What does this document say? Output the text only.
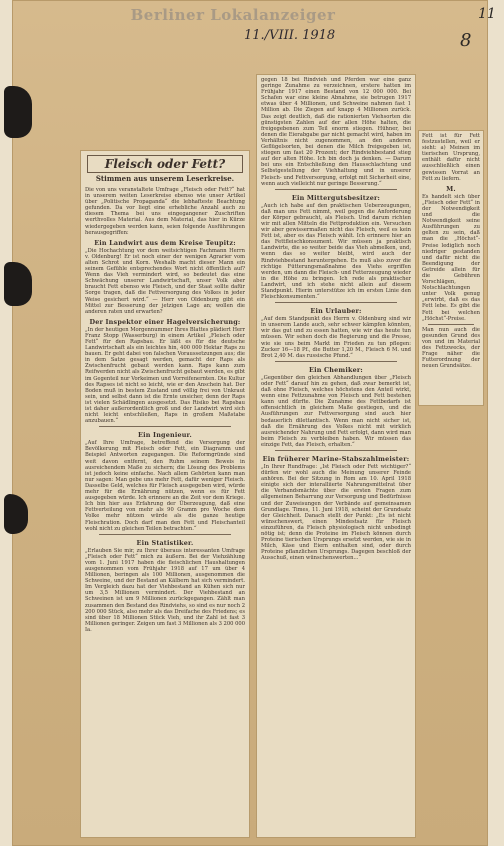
Berliner Lokalanzeiger
11./VIII. 1918
11
8
Fleisch oder Fett?
Stimmen aus unserem Leserkreise.

Die von uns veranstaltete Umfrage „Fleisch oder Fett?“ hat in unserem weiten Leserkreise ebenso wie unser Artikel über „Politische Propaganda“ die lebhafteste Beachtung gefunden. Da vor liegt eine erhebliche Anzahl auch zu diesem Thema bei uns eingegangener Zuschriften werthvolles Material. Aus dem Material, das hier in Kürze wiedergegeben werden kann, seien folgende Ausführungen herausgegriffen:

Ein Landwirt aus dem Kreise Teupitz:

„Die Hochachtung vor dem weitsichtigen Fachmann Herrn v. Oldenburg! Er ist noch einer der wenigen Agrarier vom alten Schrot und Korn. Weshalb macht dieser Mann ein seinem Gefühle entsprechendes Wort nicht öffentlich auf? Wenn das Vieh vermindert wird, so bedeutet das eine Schwächung unserer Landwirtschaft, unser Volk aber braucht Fett ebenso wie Fleisch, und der Staat sollte dafür Sorge tragen, daß die Fettversorgung des Volkes in jeder Weise gesichert wird.“ — Herr von Oldenburg gibt ein Mittel zur Besserung der jetzigen Lage an; wollen die anderen raten und erwarten?

Der Inspektor einer Hagelversicherung:

„In der heutigen Morgennummer Ihres Blattes plädiert Herr Franz Stopp (Wasserburg) in einem Artikel „Fleisch oder Fett“ für den Rapsbau. Er läßt es für die deutsche Landwirtschaft als ein leichtes hin, 400 000 Hektar Raps zu bauen. Er geht dabei von falschen Voraussetzungen aus; die in dem Satze gesagt werden, gemacht der Raps als Zwischenfrucht gebaut werden kann. Raps kann zum Reifwerden nicht als Zwischenfrucht gebaut werden, es gibt im Gegenteil nur Vorkeimen und Vorreifenernten. Die Kultur des Rapses ist nicht so leicht, wie er den Anschein hat. Der Boden muß in bestem Zustand und völlig frei von Unkraut sein, und selbst dann ist die Ernte unsicher, denn der Raps ist vielen Schädlingen ausgesetzt. Das Risiko bei Rapsbau ist daher außerordentlich groß und der Landwirt wird sich nicht leicht entschließen, Raps in großem Maßstabe anzubauen.“

Ein Ingenieur.

„Auf Ihre Umfrage, betreffend die Versorgung der Bevölkerung mit Fleisch oder Fett, ein Diagramm und Beispiel Antworten zugegangen. Die Reformgründe sind weit davon entfernt, den Ruhm seinem Beweis in ausreichendem Maße zu sichern; die Lösung des Problems ist jedoch keine einfache. Nach allem Gehörten kann man nur sagen: Man gebe uns mehr Fett, dafür weniger Fleisch. Dasselbe Geld, welches für Fleisch ausgegeben wird, würde mehr für die Ernährung nützen, wenn es für Fett ausgegeben würde. Ich erinnere an die Zeit vor dem Kriege. Ich bin hier aus Erfahrung der Überzeugung, daß eine Fettverteilung von mehr als 90 Gramm pro Woche dem Volke mehr nützen würde als die ganze heutige Fleischration. Doch darf man den Fett und Fleischanteil wohl nicht zu gleichen Teilen betrachten.“

Ein Statistiker.

„Erlauben Sie mir, zu Ihrer überaus interessanten Umfrage „Fleisch oder Fett“ mich zu äußern. Bei der Viehzählung vom 1. Juni 1917 haben die fleischlichen Haushaltungen ausgenommen vom Frühjahr 1918 auf 17 um über 4 Millionen, beringen als 100 Millionen, ausgenommen die Schweine, und der Bestand an Kälbern hat sich vermindert. Im Vergleich dazu hat der Viehbestand an Kühen sich nur um 3,5 Millionen vermindert. Der Viehbestand an Schweinen ist um 9 Millionen zurückgegangen. Zählt man zusammen den Bestand des Rindviehs, so sind es nur noch 2 200 000 Stück, also mehr als das Dreifache des Friedens; es sind über 18 Millionen Stück Vieh, und ihr Zahl ist fast 3 Millionen geringer. Zeigen um fast 3 Millionen als 3 200 000 Ia.

gegen 18 bei Rindvieh und Pferden war eine ganz geringe Zunahme zu verzeichnen, erstere hatten im Frühjahr 1917 einen Bestand von 12 000 000. Bei Schafen war eine kleine Abnahme, sie betrugen 1917 etwas über 4 Millionen, und Schweine nahmen fast 1 Million ab. Die Ziegen auf knapp 4 Millionen zurück. Das zeigt deutlich, daß die rationierten Viehsorten die günstigsten Zahlen auf der allen Höhe halten, die freigegebenen zum Teil enorm stiegen. Hühner, bei denen die Eierabgabe gar nicht gemacht wird, haben im Verhältnis nicht zugenommen, an den anderen Geflügelsorten, bei denen die Milch freigegeben ist, stiegen um fast 20 Prozent; der Rindviehbestand stieg auf der alten Höhe. Ich bin doch ja denken. — Darum bei uns ein Entschließung den Hausschlachtung und Selbstgestellung der Viehhaltung und in unserer Fleisch- und Fettversorgung, erfolgt mit Sicherheit eine, wenn auch vielleicht nur geringe Besserung.“

Ein Mittergutsbesitzer:

„Auch ich habe auf den praktischen Ueberzeugungen, daß man uns Fett nimmt, weil gegen die Anforderung der Körper gebraucht, als Fleisch. Und darum richten wir mit allen Mitteln die Fettproduktion ein. Versuchen wir aber gewissermaßen nicht das Fleisch, weil es kein Fett ist, aber es das Fleisch wählt. Ich erinnere hier an das Fettfleischkonsument. Wir müssen ja praktisch Landwirte, die so weiter beide das Vieh abmelken, und, wenn das so weiter bleibt, wird auch der Rindviehbestand heruntergehen. Es muß also zuvor die richtige Fütterungsmaßnahme des Viehs ergriffen werden, um dann die Fleisch- und Fetterzeugung wieder in die Höhe zu bringen. Ich rede als praktischer Landwirt, und ich stehe nicht allein auf diesem Standpunkt. Hierin unterstütze ich im ersten Linie den Fleischkonsumenten.“

Ein Urlauber:

„Auf dem Standpunkt des Herrn v. Oldenburg sind wir in unserem Lande auch, sehr schwer kämpfen könnten, wir das gut und zu essen hatten, wie wir das heute tun müssen. Wir sehen doch die Regierung und die Presse, wie sie uns beim Markt im Frieden zu tun pflegen: Zucker 16—18 Pf., die Butter 1,20 M., Fleisch 6 M. und Brot 2,40 M. das russische Pfund.“

Ein Chemiker:

„Gegenüber den gleichen Abhandlungen über „Fleisch oder Fett“ darauf hin zu gehen, daß zwar bemerkt ist, daß ohne Fleisch, welches höchstens den Anteil wirkt, wenn eine Fettzunahme von Fleisch und Fett bestehen kann und dürfte. Die Zunahme des Fettbedarfs ist offensichtlich in gleichem Maße gestiegen, und die Ausführungen zur Fettversorgung sind auch hier bedauerlich dilettantisch. Wenn man nicht sicher ist, daß die Ernährung des Volkes nicht mit wirklich ausreichender Nahrung und Fett erfolgt, dann wird man beim Fleisch zu verbleiben haben. Wir müssen das einzige Fett, das Fleisch, erhalten.“

Ein früherer Marine-Stabszahlmeister:

„In Ihrer Rundfrage: „Ist Fleisch oder Fett wichtiger?“ dürfen wir wohl auch die Meinung unserer Feinde anhören. Bei der Sitzung in Rom am 10. April 1918 einigte sich der interalliierte Nahrungsmittelrat über die Verbandsmächte über die ersten Fragen zum allgemeinen Beharrung zur Versorgung und Bedürfnisse und der Zuweisungen der Verbände auf gemeinsamen Grundlage. Times, 11. Juni 1918, scheint der Grundsatz der Gleichheit. Danach stellt der Punkt: „Es ist nicht wünschenswert, einen Mindestsatz für Fleisch einzuführen, da Fleisch physiologisch nicht unbedingt nötig ist; denn die Proteine im Fleisch können durch Proteine tierischen Ursprungs ersetzt werden, wie sie in Milch, Käse und Eiern enthalten sind, oder durch Proteine pflanzlichen Ursprungs. Dagegen beschloß der Ausschuß, einen wünschenswerten...“

Fett ist für Fett festzustellen, weil er sieht: a) Meinen im tierischen Ursprung, enthält dafür nicht ausschließlich einen gewissen Vorrat an Fett zu liefern.

M.

Es handelt sich über „Fleisch oder Fett“ in der Notwendigkeit und die Notwendigkeit seine Ausführungen zu gelten zu sein, daß man die „Höchst“-Preise lediglich noch niedriger gestanden und dafür nicht die Beendigung der Getreide allein für die Gebühren Vorschlägen, Notschlachtungen unter Volk genug „erwirbt, daß es das Fett lebe. Es gibt die Fett bei welchen „Höchst“-Preise.

Man nun auch die gesunden Grund des von und im Material des Fettzwecks, der Frage näher die Futterordnung der neuen Grundsätze.
